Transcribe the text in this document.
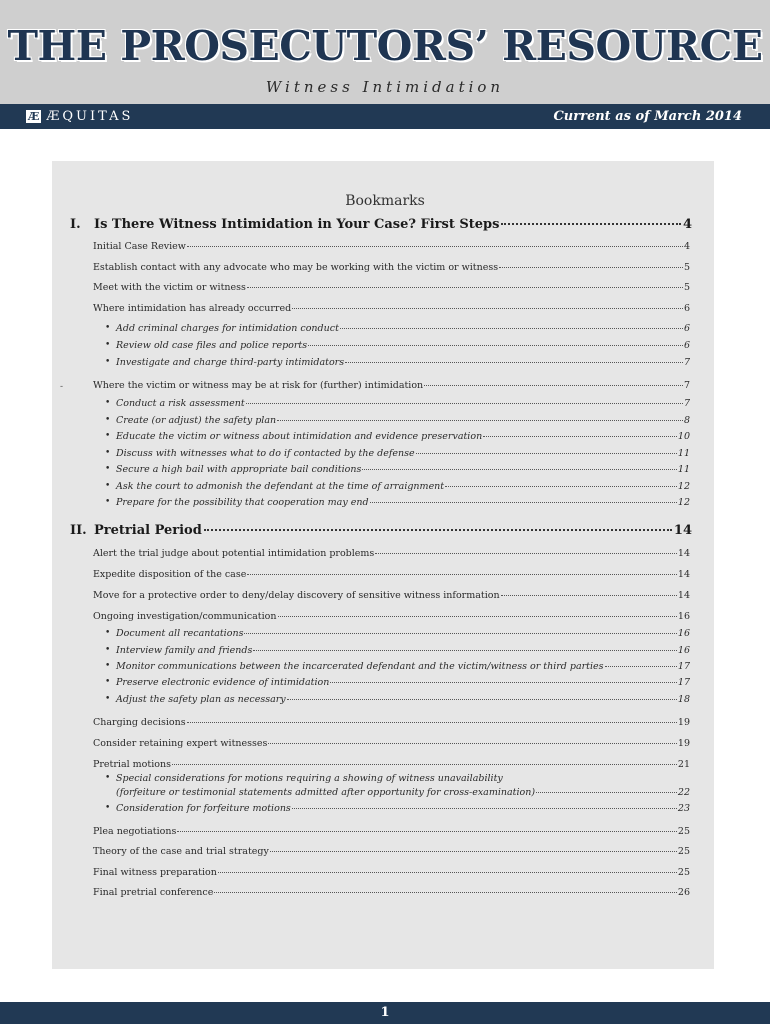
THE PROSECUTORS’ RESOURCE
Witness Intimidation
Æ ÆQUITAS	Current as of March 2014
Bookmarks
I.	Is There Witness Intimidation in Your Case? First Steps	4
Initial Case Review	4
Establish contact with any advocate who may be working with the victim or witness	5
Meet with the victim or witness	5
Where intimidation has already occurred	6
• Add criminal charges for intimidation conduct	6
• Review old case files and police reports	6
• Investigate and charge third-party intimidators	7
-	Where the victim or witness may be at risk for (further) intimidation	7
• Conduct a risk assessment	7
• Create (or adjust) the safety plan	8
• Educate the victim or witness about intimidation and evidence preservation	10
• Discuss with witnesses what to do if contacted by the defense	11
• Secure a high bail with appropriate bail conditions	11
• Ask the court to admonish the defendant at the time of arraignment	12
• Prepare for the possibility that cooperation may end	12
II. Pretrial Period	14
Alert the trial judge about potential intimidation problems	14
Expedite disposition of the case	14
Move for a protective order to deny/delay discovery of sensitive witness information	14
Ongoing investigation/communication	16
• Document all recantations	16
• Interview family and friends	16
• Monitor communications between the incarcerated defendant and the victim/witness or third parties	17
• Preserve electronic evidence of intimidation	17
• Adjust the safety plan as necessary	18
Charging decisions	19
Consider retaining expert witnesses	19
Pretrial motions	21
• Special considerations for motions requiring a showing of witness unavailability
(forfeiture or testimonial statements admitted after opportunity for cross-examination)	22
• Consideration for forfeiture motions	23
Plea negotiations	25
Theory of the case and trial strategy	25
Final witness preparation	25
Final pretrial conference	26
1
